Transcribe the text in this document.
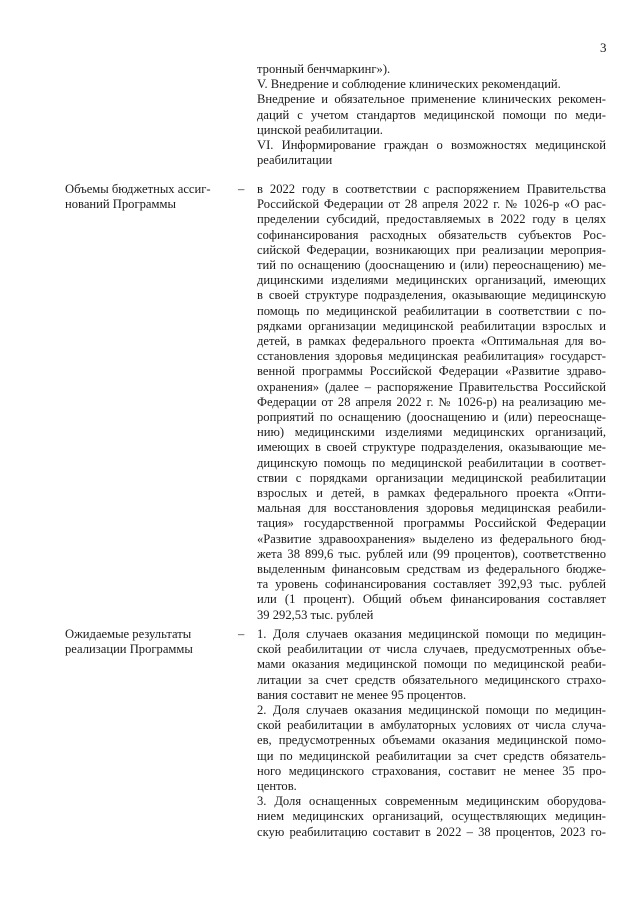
3
тронный бенчмаркинг»).
V. Внедрение и соблюдение клинических рекомендаций.
Внедрение и обязательное применение клинических рекомен-
даций с учетом стандартов медицинской помощи по меди-
цинской реабилитации.
VI. Информирование граждан о возможностях медицинской
реабилитации
Объемы бюджетных ассиг-
нований Программы
–	в 2022 году в соответствии с распоряжением Правительства
Российской Федерации от 28 апреля 2022 г. № 1026-р «О рас-
пределении субсидий, предоставляемых в 2022 году в целях
софинансирования расходных обязательств субъектов Рос-
сийской Федерации, возникающих при реализации мероприя-
тий по оснащению (дооснащению и (или) переоснащению) ме-
дицинскими изделиями медицинских организаций, имеющих
в своей структуре подразделения, оказывающие медицинскую
помощь по медицинской реабилитации в соответствии с по-
рядками организации медицинской реабилитации взрослых и
детей, в рамках федерального проекта «Оптимальная для во-
сстановления здоровья медицинская реабилитация» государст-
венной программы Российской Федерации «Развитие здраво-
охранения» (далее – распоряжение Правительства Российской
Федерации от 28 апреля 2022 г. № 1026-р) на реализацию ме-
роприятий по оснащению (дооснащению и (или) переоснаще-
нию) медицинскими изделиями медицинских организаций,
имеющих в своей структуре подразделения, оказывающие ме-
дицинскую помощь по медицинской реабилитации в соответ-
ствии с порядками организации медицинской реабилитации
взрослых и детей, в рамках федерального проекта «Опти-
мальная для восстановления здоровья медицинская реабили-
тация» государственной программы Российской Федерации
«Развитие здравоохранения» выделено из федерального бюд-
жета 38 899,6 тыс. рублей или (99 процентов), соответственно
выделенным финансовым средствам из федерального бюдже-
та уровень софинансирования составляет 392,93 тыс. рублей
или (1 процент). Общий объем финансирования составляет
39 292,53 тыс. рублей
Ожидаемые результаты
реализации Программы
–	1. Доля случаев оказания медицинской помощи по медицин-
ской реабилитации от числа случаев, предусмотренных объе-
мами оказания медицинской помощи по медицинской реаби-
литации за счет средств обязательного медицинского страхо-
вания составит не менее 95 процентов.
2. Доля случаев оказания медицинской помощи по медицин-
ской реабилитации в амбулаторных условиях от числа случа-
ев, предусмотренных объемами оказания медицинской помо-
щи по медицинской реабилитации за счет средств обязатель-
ного медицинского страхования, составит не менее 35 про-
центов.
3. Доля оснащенных современным медицинским оборудова-
нием медицинских организаций, осуществляющих медицин-
скую реабилитацию составит в 2022 – 38 процентов, 2023 го-
